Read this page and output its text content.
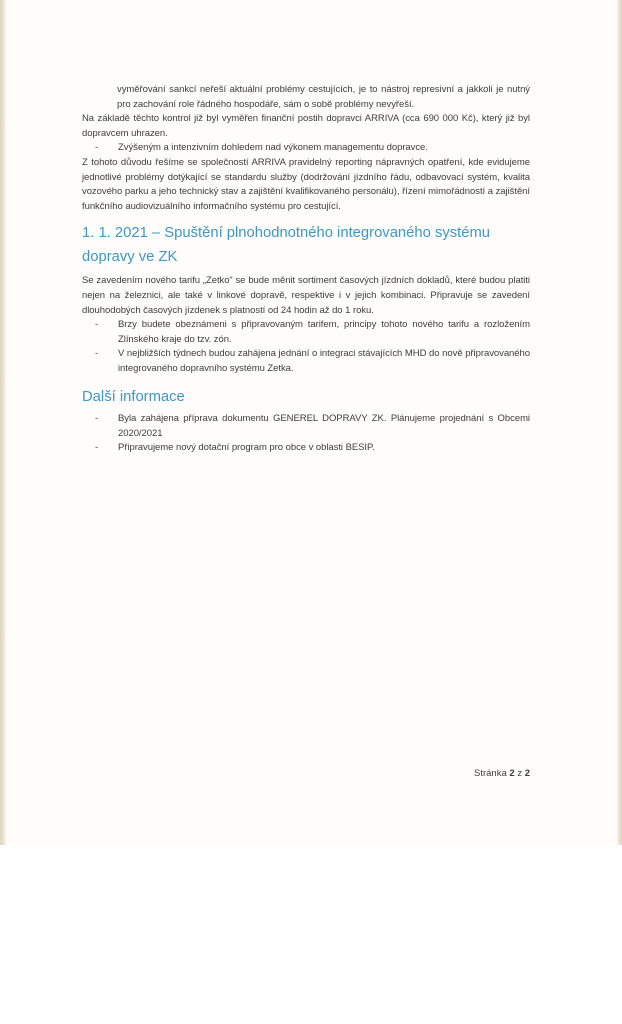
vyměřování sankcí neřeší aktuální problémy cestujících, je to nástroj represivní a jakkoli je nutný pro zachování role řádného hospodáře, sám o sobě problémy nevyřeší.

Na základě těchto kontrol již byl vyměřen finanční postih dopravci ARRIVA (cca 690 000 Kč), který již byl dopravcem uhrazen.

- Zvýšeným a intenzivním dohledem nad výkonem managementu dopravce.

Z tohoto důvodu řešíme se společností ARRIVA pravidelný reporting nápravných opatření, kde evidujeme jednotlivé problémy dotýkající se standardu služby (dodržování jízdního řádu, odbavovací systém, kvalita vozového parku a jeho technický stav a zajištění kvalifikovaného personálu), řízení mimořádností a zajištění funkčního audiovizuálního informačního systému pro cestující.

1. 1. 2021 – Spuštění plnohodnotného integrovaného systému dopravy ve ZK

Se zavedením nového tarifu „Zetko“ se bude měnit sortiment časových jízdních dokladů, které budou platiti nejen na železnici, ale také v linkové dopravě, respektive i v jejich kombinaci. Připravuje se zavedení dlouhodobých časových jízdenek s platností od 24 hodin až do 1 roku.

- Brzy budete obeznámeni s připravovaným tarifem, principy tohoto nového tarifu a rozložením Zlínského kraje do tzv. zón.
- V nejbližších týdnech budou zahájena jednání o integraci stávajících MHD do nově připravovaného integrovaného dopravního systému Zetka.
Další informace
- Byla zahájena příprava dokumentu GENEREL DOPRAVY ZK. Plánujeme projednání s Obcemi 2020/2021
- Připravujeme nový dotační program pro obce v oblasti BESIP.
Stránka 2 z 2
